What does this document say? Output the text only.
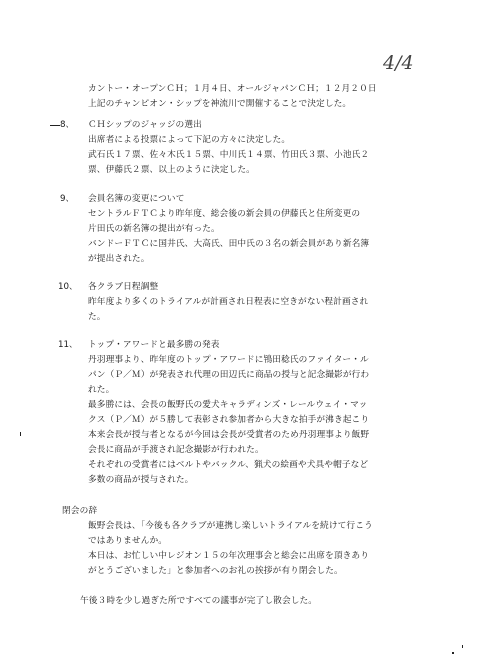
4/4
カントー・オープンＣＨ；１月４日、オールジャパンＣＨ；１２月２０日
上記のチャンピオン・シップを神流川で開催することで決定した。
8、 ＣＨシップのジャッジの選出
出席者による投票によって下記の方々に決定した。
武石氏１７票、佐々木氏１５票、中川氏１４票、竹田氏３票、小池氏２
票、伊藤氏２票、以上のように決定した。
9、 会員名簿の変更について
セントラルＦＴＣより昨年度、総会後の新会員の伊藤氏と住所変更の
片田氏の新名簿の提出が有った。
バンドーＦＴＣに国井氏、大高氏、田中氏の３名の新会員があり新名簿
が提出された。
10、 各クラブ日程調整
昨年度より多くのトライアルが計画され日程表に空きがない程計画され
た。
11、 トップ・アワードと最多勝の発表
丹羽理事より、昨年度のトップ・アワードに鴇田稔氏のファイター・ル
パン（Ｐ／Ｍ）が発表され代理の田辺氏に商品の授与と記念撮影が行わ
れた。
最多勝には、会長の飯野氏の愛犬キャラディンズ・レールウェイ・マッ
クス（Ｐ／Ｍ）が５勝して表彰され参加者から大きな拍手が沸き起こり
本来会長が授与者となるが今回は会長が受賞者のため丹羽理事より飯野
会長に商品が手渡され記念撮影が行われた。
それぞれの受賞者にはベルトやバックル、猟犬の絵画や犬具や帽子など
多数の商品が授与された。
閉会の辞
飯野会長は、「今後も各クラブが連携し楽しいトライアルを続けて行こう
ではありませんか。
本日は、お忙しい中レジオン１５の年次理事会と総会に出席を頂きあり
がとうございました」と参加者へのお礼の挨拶が有り閉会した。
午後３時を少し過ぎた所ですべての議事が完了し散会した。
